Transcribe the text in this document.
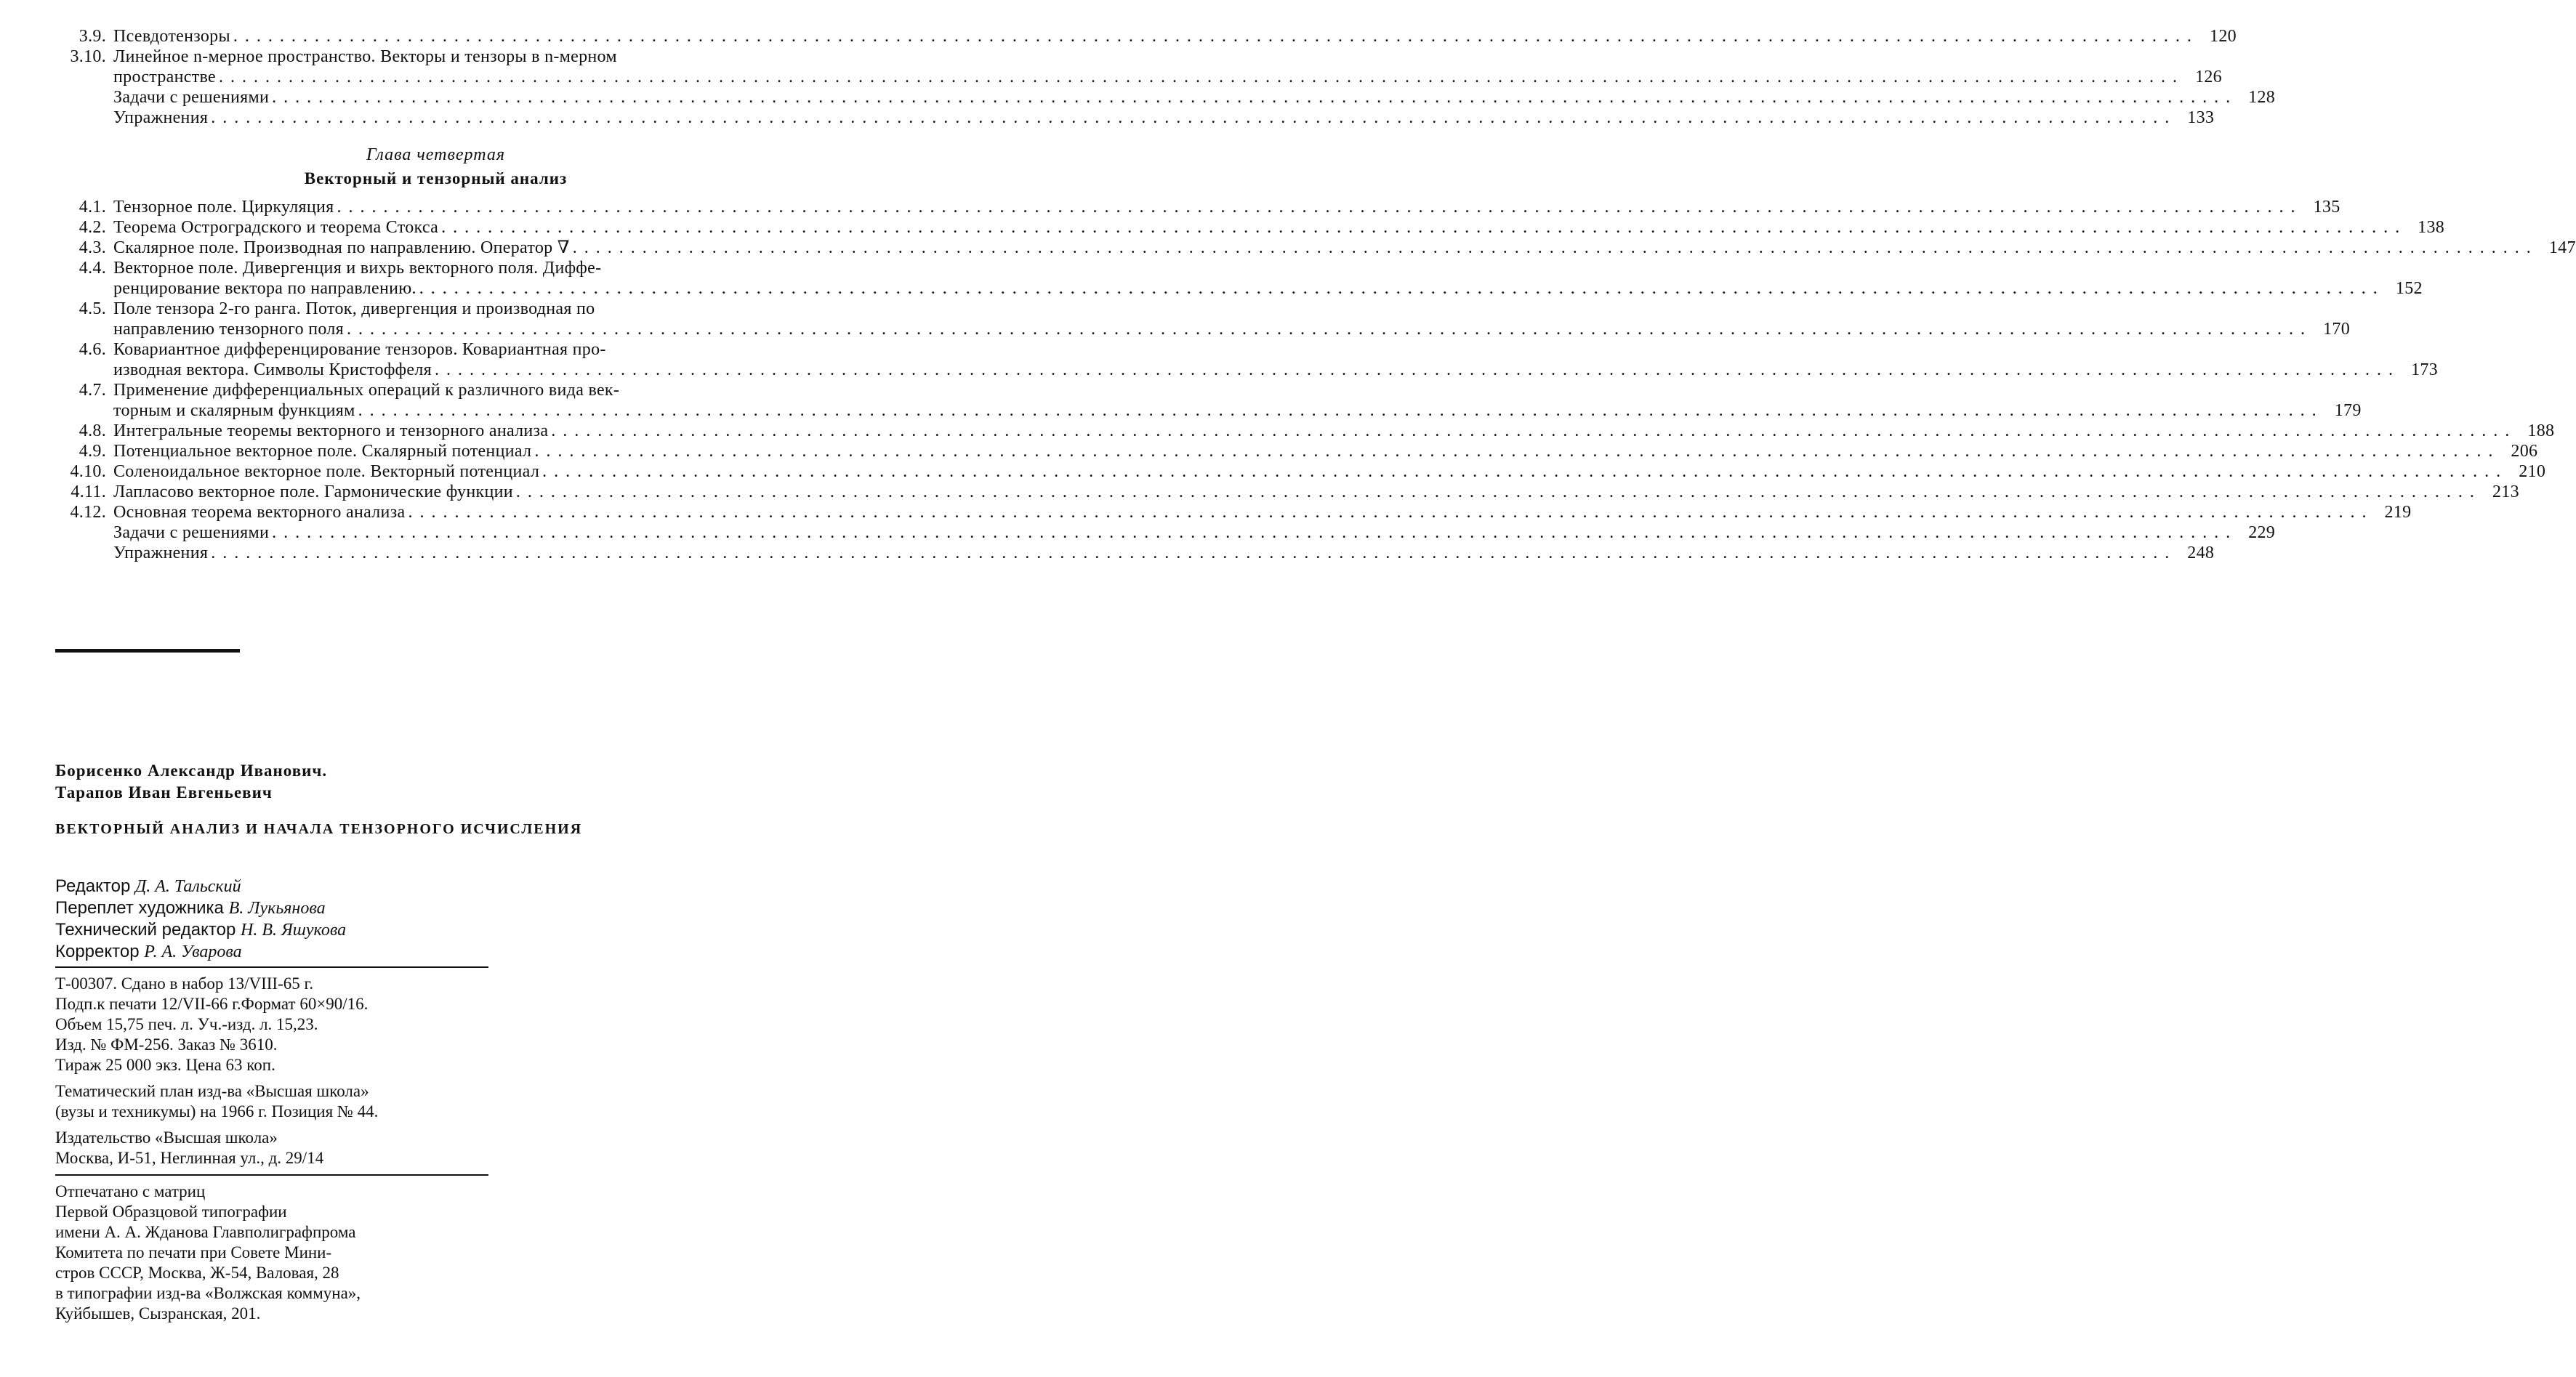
3.9. Псевдотензоры . . .	120
3.10. Линейное n-мерное пространство. Векторы и тензоры в n-мерном
пространстве . . .	126
Задачи с решениями . . .	128
Упражнения . . .	133
Глава четвертая
Векторный и тензорный анализ
4.1. Тензорное поле. Циркуляция . . .	135
4.2. Теорема Остроградского и теорема Стокса . . .	138
4.3. Скалярное поле. Производная по направлению. Оператор ∇ . . .	147
4.4. Векторное поле. Дивергенция и вихрь векторного поля. Диффе-
ренцирование вектора по направлению. . . .	152
4.5. Поле тензора 2-го ранга. Поток, дивергенция и производная по
направлению тензорного поля . . .	170
4.6. Ковариантное дифференцирование тензоров. Ковариантная про-
изводная вектора. Символы Кристоффеля . . .	173
4.7. Применение дифференциальных операций к различного вида век-
торным и скалярным функциям . . .	179
4.8. Интегральные теоремы векторного и тензорного анализа . . .	188
4.9. Потенциальное векторное поле. Скалярный потенциал . . .	206
4.10. Соленоидальное векторное поле. Векторный потенциал . . .	210
4.11. Лапласово векторное поле. Гармонические функции . . .	213
4.12. Основная теорема векторного анализа . . .	219
Задачи с решениями . . .	229
Упражнения . . .	248
Борисенко Александр Иванович.
Тарапов Иван Евгеньевич
ВЕКТОРНЫЙ АНАЛИЗ И НАЧАЛА ТЕНЗОРНОГО ИСЧИСЛЕНИЯ
Редактор Д. А. Тальский
Переплет художника В. Лукьянова
Технический редактор Н. В. Яшукова
Корректор Р. А. Уварова

Т-00307. Сдано в набор 13/VIII-65 г.

Подп.к печати 12/VII-66 г.Формат 60×90/16.

Объем 15,75 печ. л. Уч.-изд. л. 15,23.

Изд. № ФМ-256. Заказ № 3610.

Тираж 25 000 экз. Цена 63 коп.

Тематический план изд-ва «Высшая школа»

(вузы и техникумы) на 1966 г. Позиция № 44.

Издательство «Высшая школа»

Москва, И-51, Неглинная ул., д. 29/14

Отпечатано с матриц

Первой Образцовой типографии

имени А. А. Жданова Главполиграфпрома

Комитета по печати при Совете Мини-

стров СССР, Москва, Ж-54, Валовая, 28

в типографии изд-ва «Волжская коммуна»,

Куйбышев, Сызранская, 201.
